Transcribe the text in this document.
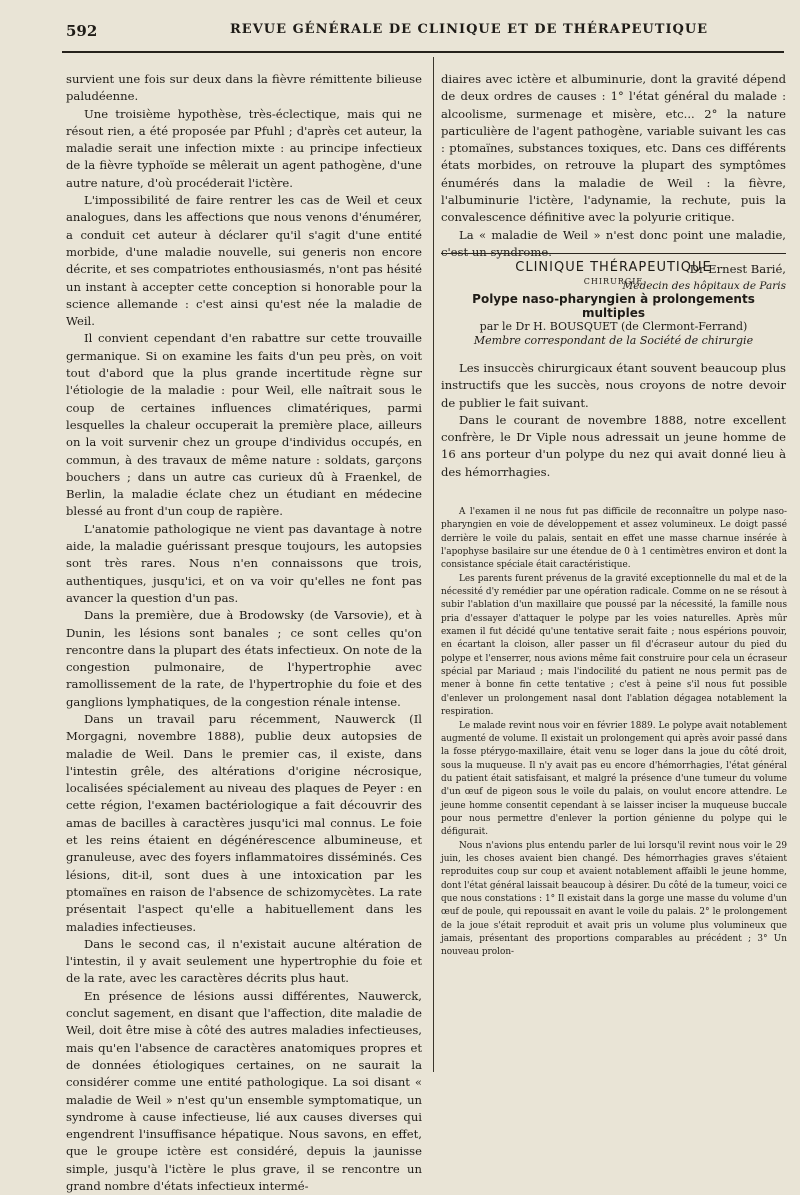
592	REVUE GÉNÉRALE DE CLINIQUE ET DE THÉRAPEUTIQUE

survient une fois sur deux dans la fièvre rémittente bilieuse paludéenne.

Une troisième hypothèse, très-éclectique, mais qui ne résout rien, a été proposée par Pfuhl ; d'après cet auteur, la maladie serait une infection mixte : au principe infectieux de la fièvre typhoïde se mêlerait un agent pathogène, d'une autre nature, d'où procéderait l'ictère.

L'impossibilité de faire rentrer les cas de Weil et ceux analogues, dans les affections que nous venons d'énumérer, a conduit cet auteur à déclarer qu'il s'agit d'une entité morbide, d'une maladie nouvelle, sui generis non encore décrite, et ses compatriotes enthousiasmés, n'ont pas hésité un instant à accepter cette conception si honorable pour la science allemande : c'est ainsi qu'est née la maladie de Weil.

Il convient cependant d'en rabattre sur cette trouvaille germanique. Si on examine les faits d'un peu près, on voit tout d'abord que la plus grande incertitude règne sur l'étiologie de la maladie : pour Weil, elle naîtrait sous le coup de certaines influences climatériques, parmi lesquelles la chaleur occuperait la première place, ailleurs on la voit survenir chez un groupe d'individus occupés, en commun, à des travaux de même nature : soldats, garçons bouchers ; dans un autre cas curieux dû à Fraenkel, de Berlin, la maladie éclate chez un étudiant en médecine blessé au front d'un coup de rapière.

L'anatomie pathologique ne vient pas davantage à notre aide, la maladie guérissant presque toujours, les autopsies sont très rares. Nous n'en connaissons que trois, authentiques, jusqu'ici, et on va voir qu'elles ne font pas avancer la question d'un pas.

Dans la première, due à Brodowsky (de Varsovie), et à Dunin, les lésions sont banales ; ce sont celles qu'on rencontre dans la plupart des états infectieux. On note de la congestion pulmonaire, de l'hypertrophie avec ramollissement de la rate, de l'hypertrophie du foie et des ganglions lymphatiques, de la congestion rénale intense.

Dans un travail paru récemment, Nauwerck (Il Morgagni, novembre 1888), publie deux autopsies de maladie de Weil. Dans le premier cas, il existe, dans l'intestin grêle, des altérations d'origine nécrosique, localisées spécialement au niveau des plaques de Peyer : en cette région, l'examen bactériologique a fait découvrir des amas de bacilles à caractères jusqu'ici mal connus. Le foie et les reins étaient en dégénérescence albumineuse, et granuleuse, avec des foyers inflammatoires disséminés. Ces lésions, dit-il, sont dues à une intoxication par les ptomaïnes en raison de l'absence de schizomycètes. La rate présentait l'aspect qu'elle a habituellement dans les maladies infectieuses.

Dans le second cas, il n'existait aucune altération de l'intestin, il y avait seulement une hypertrophie du foie et de la rate, avec les caractères décrits plus haut.

En présence de lésions aussi différentes, Nauwerck, conclut sagement, en disant que l'affection, dite maladie de Weil, doit être mise à côté des autres maladies infectieuses, mais qu'en l'absence de caractères anatomiques propres et de données étiologiques certaines, on ne saurait la considérer comme une entité pathologique. La soi disant « maladie de Weil » n'est qu'un ensemble symptomatique, un syndrome à cause infectieuse, lié aux causes diverses qui engendrent l'insuffisance hépatique. Nous savons, en effet, que le groupe ictère est considéré, depuis la jaunisse simple, jusqu'à l'ictère le plus grave, il se rencontre un grand nombre d'états infectieux intermé-

diaires avec ictère et albuminurie, dont la gravité dépend de deux ordres de causes : 1° l'état général du malade : alcoolisme, surmenage et misère, etc... 2° la nature particulière de l'agent pathogène, variable suivant les cas : ptomaïnes, substances toxiques, etc. Dans ces différents états morbides, on retrouve la plupart des symptômes énumérés dans la maladie de Weil : la fièvre, l'albuminurie l'ictère, l'adynamie, la rechute, puis la convalescence définitive avec la polyurie critique.

La « maladie de Weil » n'est donc point une maladie, c'est un syndrome.

Dr Ernest Barié,

Médecin des hôpitaux de Paris

CLINIQUE THÉRAPEUTIQUE
CHIRURGIE
Polype naso-pharyngien à prolongements multiples
par le Dr H. BOUSQUET (de Clermont-Ferrand)
Membre correspondant de la Société de chirurgie

Les insuccès chirurgicaux étant souvent beaucoup plus instructifs que les succès, nous croyons de notre devoir de publier le fait suivant.

Dans le courant de novembre 1888, notre excellent confrère, le Dr Viple nous adressait un jeune homme de 16 ans porteur d'un polype du nez qui avait donné lieu à des hémorrhagies.

A l'examen il ne nous fut pas difficile de reconnaître un polype naso-pharyngien en voie de développement et assez volumineux. Le doigt passé derrière le voile du palais, sentait en effet une masse charnue insérée à l'apophyse basilaire sur une étendue de 0 à 1 centimètres environ et dont la consistance spéciale était caractéristique.

Les parents furent prévenus de la gravité exceptionnelle du mal et de la nécessité d'y remédier par une opération radicale. Comme on ne se résout à subir l'ablation d'un maxillaire que poussé par la nécessité, la famille nous pria d'essayer d'attaquer le polype par les voies naturelles. Après mûr examen il fut décidé qu'une tentative serait faite ; nous espérions pouvoir, en écartant la cloison, aller passer un fil d'écraseur autour du pied du polype et l'enserrer, nous avions même fait construire pour cela un écraseur spécial par Mariaud ; mais l'indocilité du patient ne nous permit pas de mener à bonne fin cette tentative ; c'est à peine s'il nous fut possible d'enlever un prolongement nasal dont l'ablation dégagea notablement la respiration.

Le malade revint nous voir en février 1889. Le polype avait notablement augmenté de volume. Il existait un prolongement qui après avoir passé dans la fosse ptérygo-maxillaire, était venu se loger dans la joue du côté droit, sous la muqueuse. Il n'y avait pas eu encore d'hémorrhagies, l'état général du patient était satisfaisant, et malgré la présence d'une tumeur du volume d'un œuf de pigeon sous le voile du palais, on voulut encore attendre. Le jeune homme consentit cependant à se laisser inciser la muqueuse buccale pour nous permettre d'enlever la portion génienne du polype qui le défigurait.

Nous n'avions plus entendu parler de lui lorsqu'il revint nous voir le 29 juin, les choses avaient bien changé. Des hémorrhagies graves s'étaient reproduites coup sur coup et avaient notablement affaibli le jeune homme, dont l'état général laissait beaucoup à désirer. Du côté de la tumeur, voici ce que nous constations : 1° Il existait dans la gorge une masse du volume d'un œuf de poule, qui repoussait en avant le voile du palais. 2° le prolongement de la joue s'était reproduit et avait pris un volume plus volumineux que jamais, présentant des proportions comparables au précédent ; 3° Un nouveau prolon-
